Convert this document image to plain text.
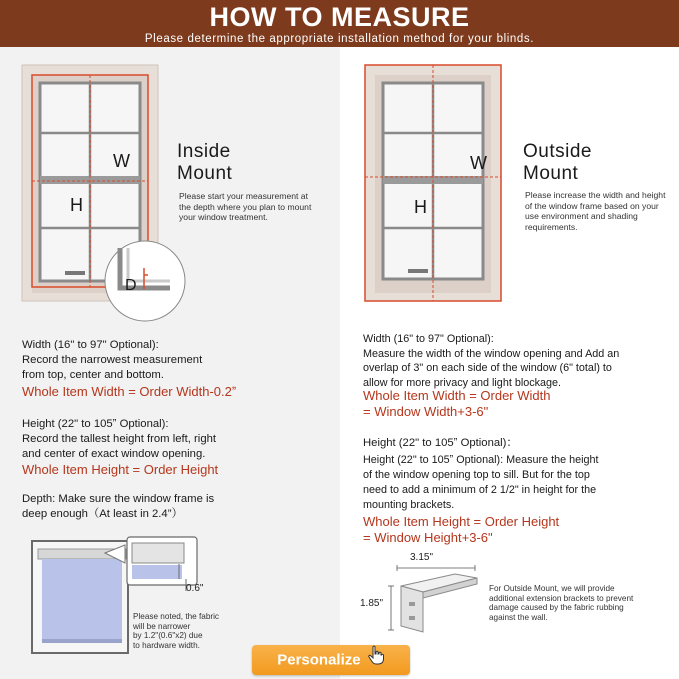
HOW TO MEASURE
Please determine the appropriate installation method for your blinds.
W
H
D
Inside
Mount
Please start your measurement at the depth where you plan to mount your window treatment.
Width (16" to 97" Optional):
Record the narrowest measurement
from top, center and bottom.
Whole Item Width = Order Width-0.2ˮ
Height (22" to 105ˮ Optional):
Record the tallest height from left, right
and center of exact window opening.
Whole Item Height = Order Height
Depth: Make sure the window frame is
deep enough（At least in 2.4”）
0.6"
Please noted, the fabric
will be narrower
by 1.2"(0.6"x2) due
to hardware width.
W
H
Outside
Mount
Please increase the width and height of the window frame based on your use environment and shading requirements.
Width (16" to 97" Optional):
Measure the width of the window opening and Add an
overlap of 3" on each side of the window (6" total) to
allow for more privacy and light blockage.
Whole Item Width = Order Width
= Window Width+3-6"
Height (22" to 105ˮ Optional)：
Height (22" to 105ˮ Optional): Measure the height
of the window opening top to sill. But for the top
need to add a minimum of 2 1/2" in height for the
mounting brackets.
Whole Item Height = Order Height
= Window Height+3-6"
3.15"
1.85"
For Outside Mount, we will provide additional extension brackets to prevent damage caused by the fabric rubbing against the wall.
Personalize
